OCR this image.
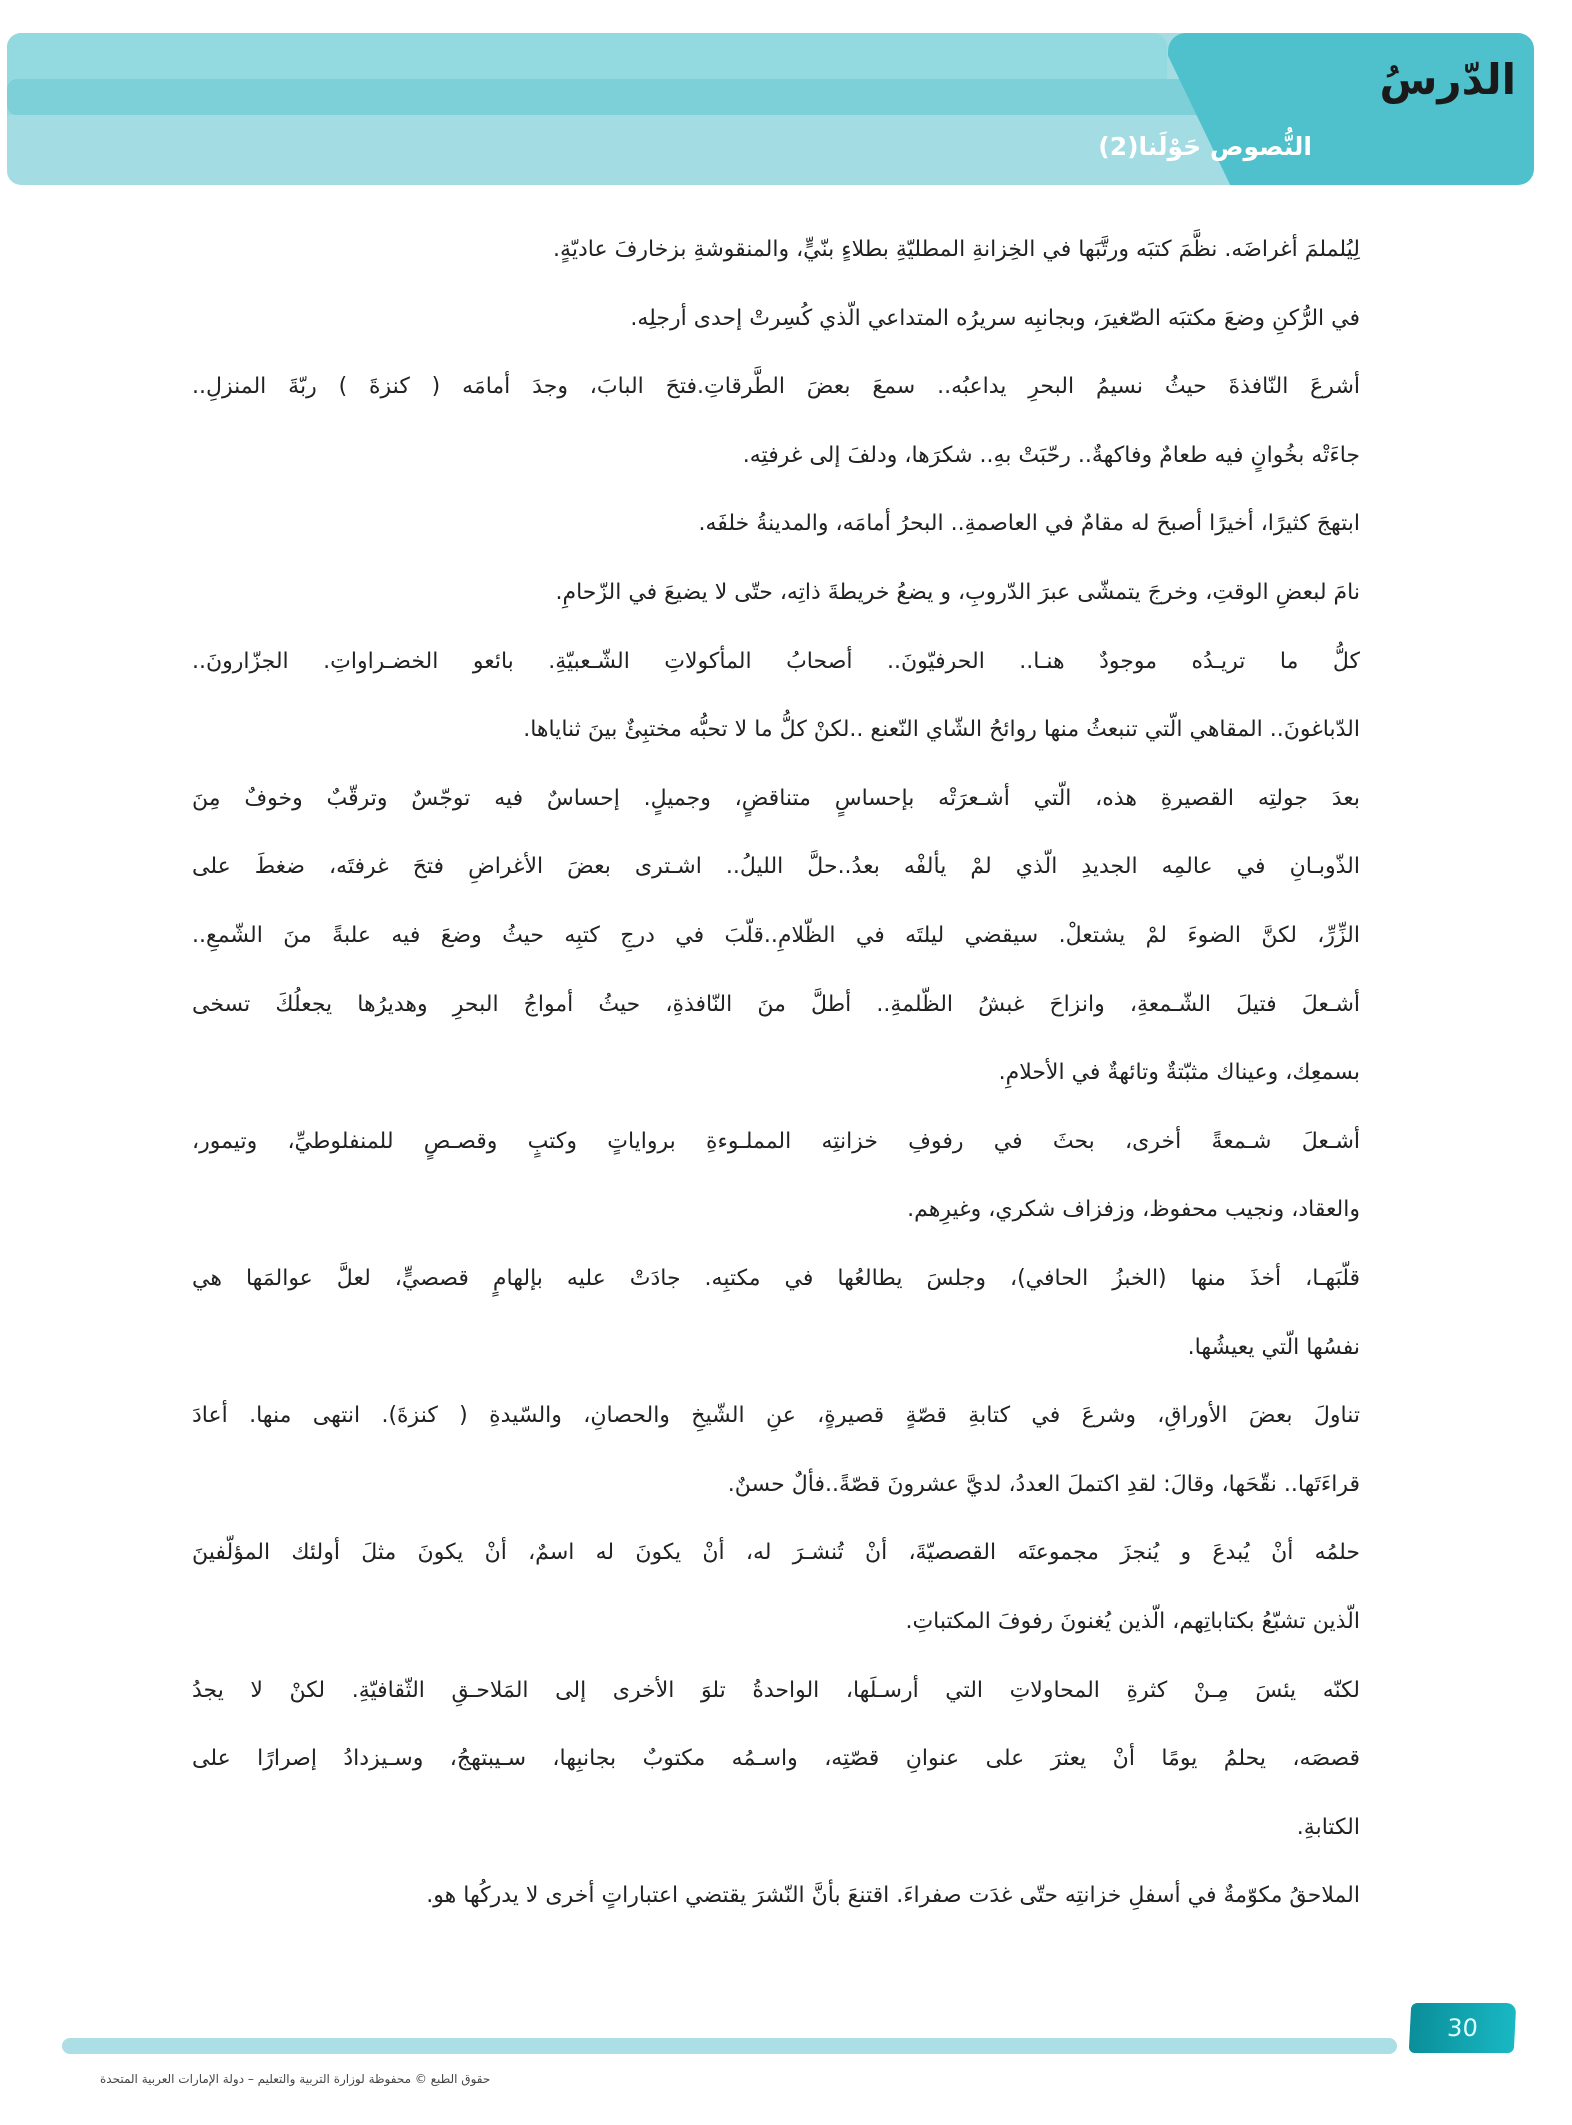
الدّرسُ
النُّصوص حَوْلَنا(2)
لِيُلملمَ أغراضَه. نظَّمَ كتبَه ورتَّبَها في الخِزانةِ المطليّةِ بطلاءٍ بنّيٍّ، والمنقوشةِ بزخارفَ عاديّةٍ.
في الرُّكنِ وضعَ مكتبَه الصّغيرَ، وبجانبِه سريرُه المتداعي الّذي كُسِرتْ إحدى أرجلِه.
أشرعَ النّافذةَ حيثُ نسيمُ البحرِ يداعبُه.. سمعَ بعضَ الطَّرقاتِ.فتحَ البابَ، وجدَ أمامَه ( كنزةَ ) ربّةَ المنزلِ..
جاءَتْه بخُوانٍ فيه طعامٌ وفاكهةٌ.. رحّبَتْ بهِ.. شكرَها، ودلفَ إلى غرفتِه.
ابتهجَ كثيرًا، أخيرًا أصبحَ له مقامٌ في العاصمةِ.. البحرُ أمامَه، والمدينةُ خلفَه.
نامَ لبعضِ الوقتِ، وخرجَ يتمشّى عبرَ الدّروبِ، و يضعُ خريطةَ ذاتِه، حتّى لا يضيعَ في الزّحامِ.
كلُّ ما تريـدُه موجودٌ هنـا.. الحرفيّونَ.. أصحابُ المأكولاتِ الشّـعبيّةِ. بائعو الخضـراواتِ. الجزّارونَ..
الدّباغونَ.. المقاهي الّتي تنبعثُ منها روائحُ الشّاي النّعنع ..لكنْ كلُّ ما لا تحبُّه مختبِئٌ بينَ ثناياها.
بعدَ جولتِه القصيرةِ هذه، الّتي أشـعرَتْه بإحساسٍ متناقضٍ، وجميلٍ. إحساسٌ فيه توجّسٌ وترقّبٌ وخوفٌ مِنَ
الذّوبـانِ في عالمِه الجديدِ الّذي لمْ يألفْه بعدُ..حلَّ الليلُ.. اشـترى بعضَ الأغراضِ فتحَ غرفتَه، ضغطَ على
الزِّرِّ، لكنَّ الضوءَ لمْ يشتعلْ. سيقضي ليلتَه في الظّلامِ..قلّبَ في درجِ كتبِه حيثُ وضعَ فيه علبةً منَ الشّمعِ..
أشـعلَ فتيلَ الشّـمعةِ، وانزاحَ غبشُ الظّلمةِ.. أطلَّ منَ النّافذةِ، حيثُ أمواجُ البحرِ وهديرُها يجعلُكَ تسخى
بسمعِك، وعيناك مثبّتةٌ وتائهةٌ في الأحلامِ.
أشـعلَ شـمعةً أخرى، بحثَ في رفوفِ خزانتِه المملـوءةِ برواياتٍ وكتبٍ وقصـصٍ للمنفلوطيِّ، وتيمور،
والعقاد، ونجيب محفوظ، وزفزاف شكري، وغيرِهم.
قلّبَهـا، أخذَ منها (الخبزُ الحافي)، وجلسَ يطالعُها في مكتبِه. جادَتْ عليه بإلهامٍ قصصيٍّ، لعلَّ عوالمَها هي
نفسُها الّتي يعيشُها.
تناولَ بعضَ الأوراقِ، وشرعَ في كتابةِ قصّةٍ قصيرةٍ، عنِ الشّيخِ والحصانِ، والسّيدةِ ( كنزةَ). انتهى منها. أعادَ
قراءَتَها.. نقّحَها، وقالَ: لقدِ اكتملَ العددُ، لديَّ عشرونَ قصّةً..فألٌ حسنٌ.
حلمُه أنْ يُبدعَ و يُنجزَ مجموعتَه القصصيّةَ، أنْ تُنشـرَ له، أنْ يكونَ له اسمٌ، أنْ يكونَ مثلَ أولئك المؤلّفينَ
الّذين تشبّعُ بكتاباتِهم، الّذين يُغنونَ رفوفَ المكتباتِ.
لكنّه يئسَ مِـنْ كثرةِ المحاولاتِ التي أرسـلَها، الواحدةُ تلوَ الأخرى إلى المَلاحـقِ الثّقافيّةِ. لكنْ لا يجدُ
قصصَه، يحلمُ يومًا أنْ يعثرَ على عنوانِ قصّتِه، واسـمُه مكتوبٌ بجانبِها، سـيبتهجُ، وسـيزدادُ إصرارًا على
الكتابةِ.
الملاحقُ مكوّمةٌ في أسفلِ خزانتِه حتّى غدَت صفراءَ. اقتنعَ بأنَّ النّشرَ يقتضي اعتباراتٍ أخرى لا يدركُها هو.
30
حقوق الطبع © محفوظة لوزارة التربية والتعليم – دولة الإمارات العربية المتحدة
